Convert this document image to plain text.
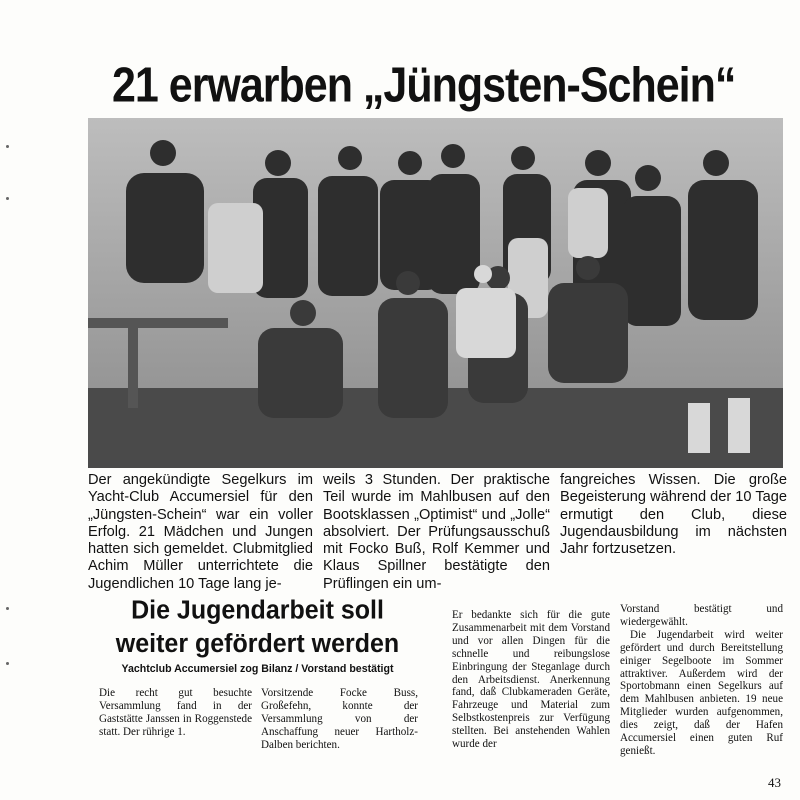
21 erwarben „Jüngsten-Schein“

Der angekündigte Segelkurs im Yacht-Club Accumersiel für den „Jüngsten-Schein“ war ein voller Erfolg. 21 Mädchen und Jungen hatten sich gemeldet. Clubmitglied Achim Müller unterrichtete die Jugendlichen 10 Tage lang je-

weils 3 Stunden. Der praktische Teil wurde im Mahlbusen auf den Bootsklassen „Optimist“ und „Jolle“ absolviert. Der Prüfungsausschuß mit Focko Buß, Rolf Kemmer und Klaus Spillner bestätigte den Prüflingen ein um-

fangreiches Wissen. Die große Begeisterung während der 10 Tage ermutigt den Club, diese Jugendausbildung im nächsten Jahr fortzusetzen.

Die Jugendarbeit soll
weiter gefördert werden

Yachtclub Accumersiel zog Bilanz / Vorstand bestätigt

Die recht gut besuchte Versammlung fand in der Gaststätte Janssen in Roggenstede statt. Der rührige 1.

Vorsitzende Focke Buss, Großefehn, konnte der Versammlung von der Anschaffung neuer Hartholz-Dalben berichten.

Er bedankte sich für die gute Zusammenarbeit mit dem Vorstand und vor allen Dingen für die schnelle und reibungslose Einbringung der Steganlage durch den Arbeitsdienst. Anerkennung fand, daß Clubkameraden Geräte, Fahrzeuge und Material zum Selbstkostenpreis zur Verfügung stellten. Bei anstehenden Wahlen wurde der

Vorstand bestätigt und wiedergewählt.

Die Jugendarbeit wird weiter gefördert und durch Bereitstellung einiger Segelboote im Sommer attraktiver. Außerdem wird der Sportobmann einen Segelkurs auf dem Mahlbusen anbieten. 19 neue Mitglieder wurden aufgenommen, dies zeigt, daß der Hafen Accumersiel einen guten Ruf genießt.

43
